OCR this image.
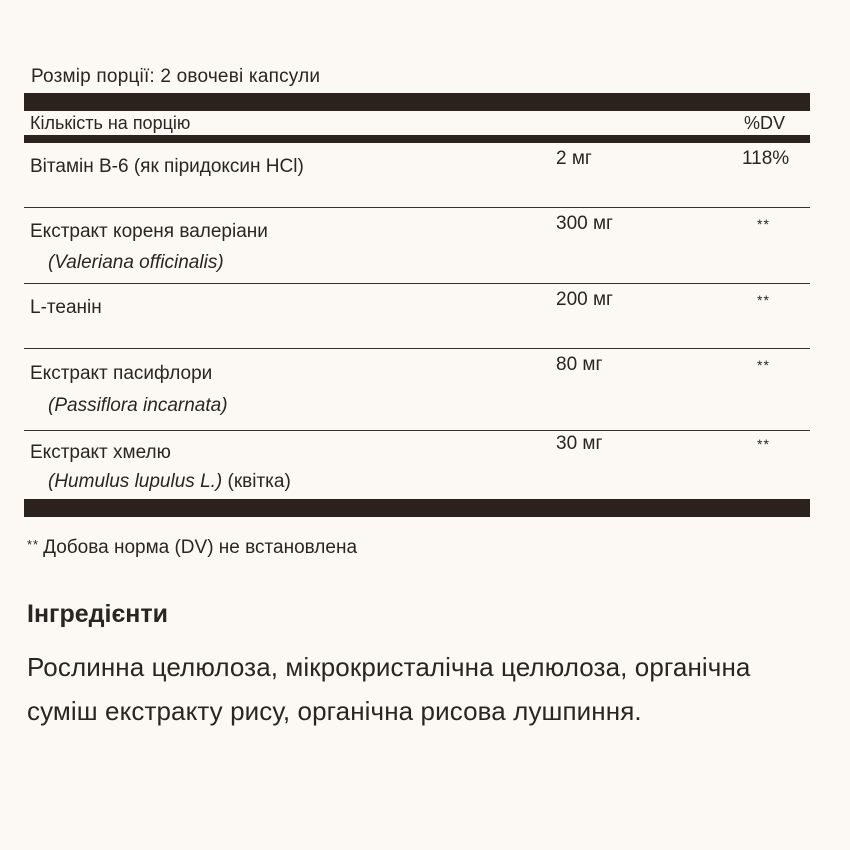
Розмір порції: 2 овочеві капсули
Кількість на порцію	%DV
Вітамін B-6 (як піридоксин HCl)	2 мг	118%
Екстракт кореня валеріани
(Valeriana officinalis)
300 мг	**
L-теанін	200 мг	**
Екстракт пасифлори
(Passiflora incarnata)
80 мг	**
Екстракт хмелю
(Humulus lupulus L.) (квітка)
30 мг	**
** Добова норма (DV) не встановлена
Інгредієнти
Рослинна целюлоза, мікрокристалічна целюлоза, органічна суміш екстракту рису, органічна рисова лушпиння.
